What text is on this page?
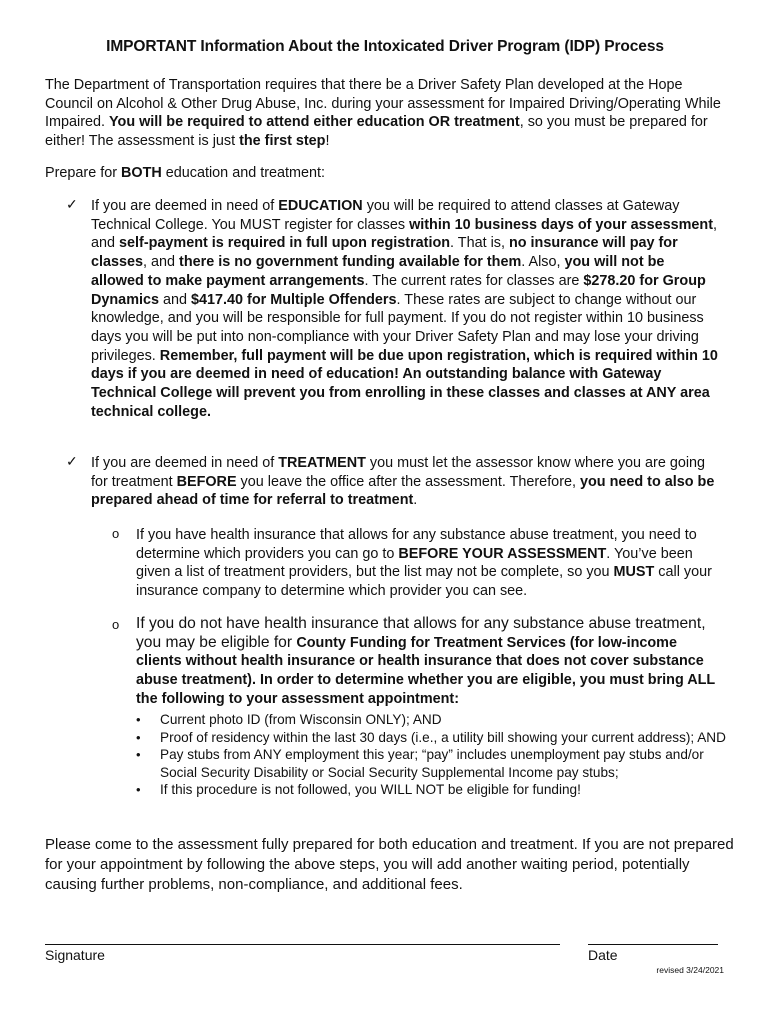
IMPORTANT Information About the Intoxicated Driver Program (IDP) Process
The Department of Transportation requires that there be a Driver Safety Plan developed at the Hope Council on Alcohol & Other Drug Abuse, Inc. during your assessment for Impaired Driving/Operating While Impaired. You will be required to attend either education OR treatment, so you must be prepared for either! The assessment is just the first step!
Prepare for BOTH education and treatment:
✓ If you are deemed in need of EDUCATION you will be required to attend classes at Gateway Technical College. You MUST register for classes within 10 business days of your assessment, and self-payment is required in full upon registration. That is, no insurance will pay for classes, and there is no government funding available for them. Also, you will not be allowed to make payment arrangements. The current rates for classes are $278.20 for Group Dynamics and $417.40 for Multiple Offenders. These rates are subject to change without our knowledge, and you will be responsible for full payment. If you do not register within 10 business days you will be put into non-compliance with your Driver Safety Plan and may lose your driving privileges. Remember, full payment will be due upon registration, which is required within 10 days if you are deemed in need of education! An outstanding balance with Gateway Technical College will prevent you from enrolling in these classes and classes at ANY area technical college.
✓ If you are deemed in need of TREATMENT you must let the assessor know where you are going for treatment BEFORE you leave the office after the assessment. Therefore, you need to also be prepared ahead of time for referral to treatment.
o If you have health insurance that allows for any substance abuse treatment, you need to determine which providers you can go to BEFORE YOUR ASSESSMENT. You’ve been given a list of treatment providers, but the list may not be complete, so you MUST call your insurance company to determine which provider you can see.
o If you do not have health insurance that allows for any substance abuse treatment, you may be eligible for County Funding for Treatment Services (for low-income clients without health insurance or health insurance that does not cover substance abuse treatment). In order to determine whether you are eligible, you must bring ALL the following to your assessment appointment:
• Current photo ID (from Wisconsin ONLY); AND
• Proof of residency within the last 30 days (i.e., a utility bill showing your current address); AND
• Pay stubs from ANY employment this year; “pay” includes unemployment pay stubs and/or Social Security Disability or Social Security Supplemental Income pay stubs;
• If this procedure is not followed, you WILL NOT be eligible for funding!
Please come to the assessment fully prepared for both education and treatment. If you are not prepared for your appointment by following the above steps, you will add another waiting period, potentially causing further problems, non-compliance, and additional fees.
Signature	Date
revised 3/24/2021
